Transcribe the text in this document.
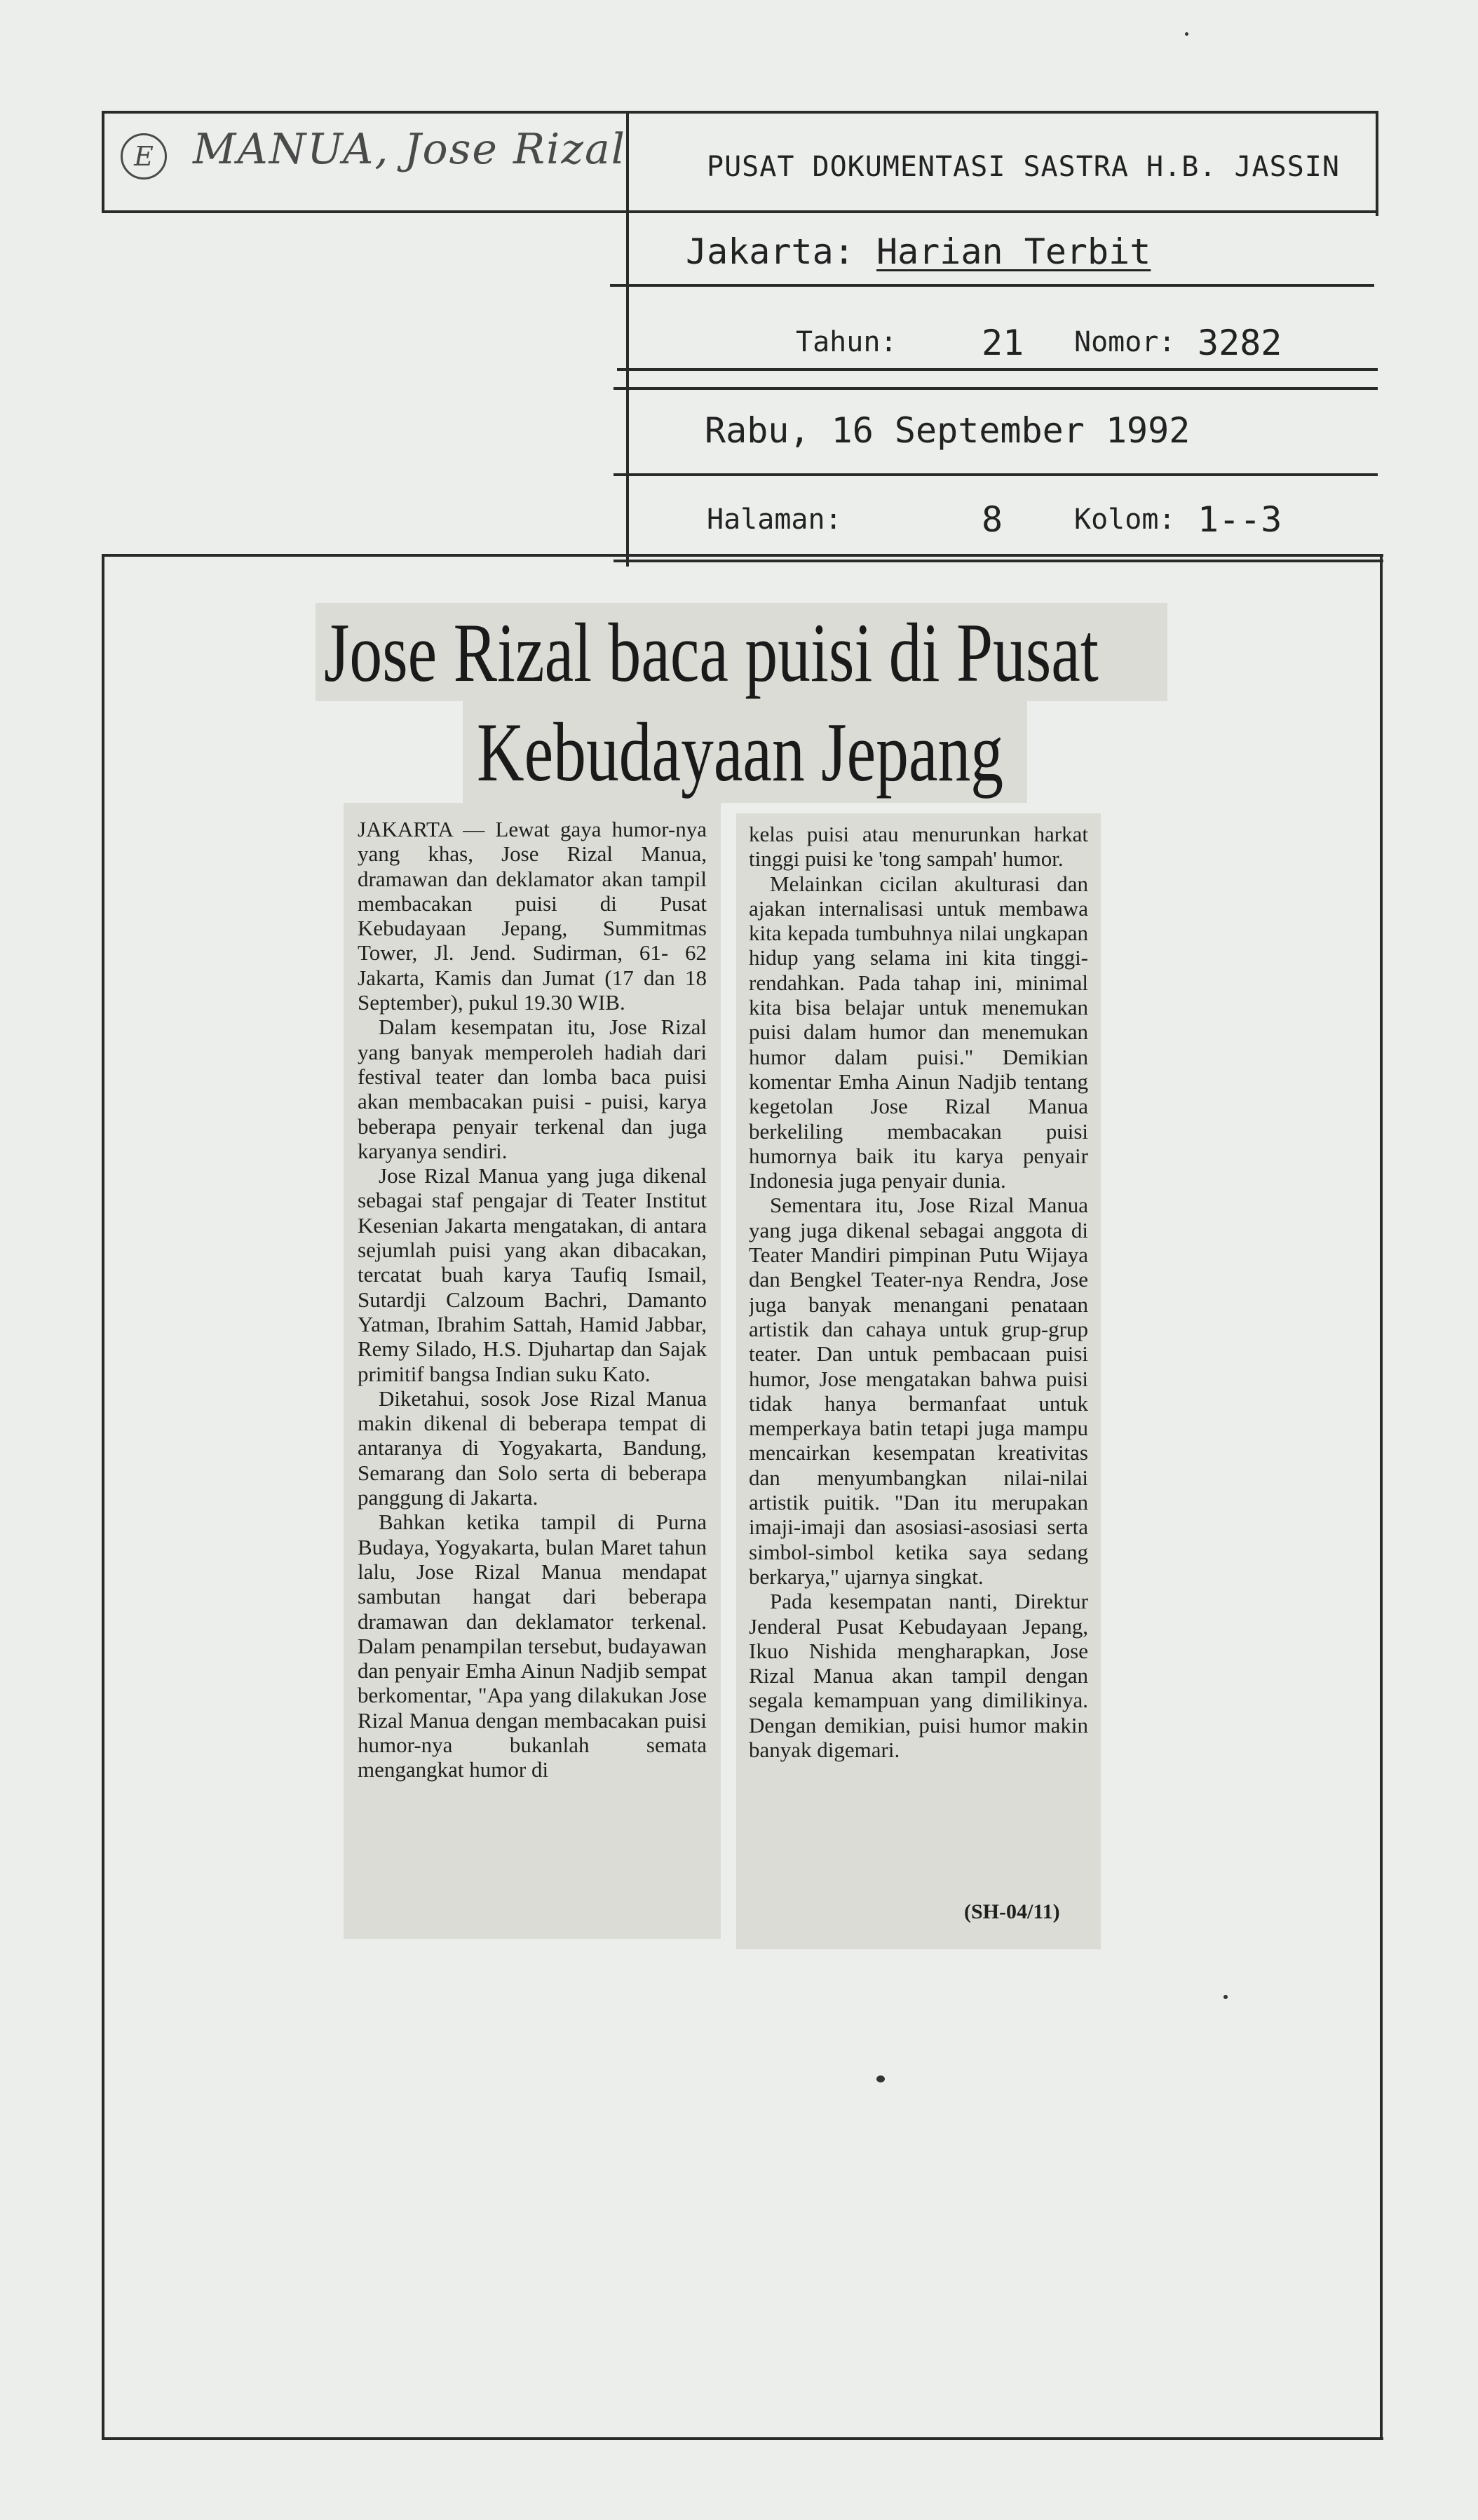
E MANUA, Jose Rizal	PUSAT DOKUMENTASI SASTRA H.B. JASSIN
Jakarta: Harian Terbit
Tahun: 21 Nomor: 3282
Rabu, 16 September 1992
Halaman:	8	Kolom: 1--3
Jose Rizal baca puisi di Pusat
Kebudayaan Jepang

JAKARTA — Lewat gaya humor-nya yang khas, Jose Rizal Manua, dramawan dan deklamator akan tampil membacakan puisi di Pusat Kebudayaan Jepang, Summitmas Tower, Jl. Jend. Sudirman, 61- 62 Jakarta, Kamis dan Jumat (17 dan 18 September), pukul 19.30 WIB.

Dalam kesempatan itu, Jose Rizal yang banyak memperoleh hadiah dari festival teater dan lomba baca puisi akan membacakan puisi - puisi, karya beberapa penyair terkenal dan juga karyanya sendiri.

Jose Rizal Manua yang juga dikenal sebagai staf pengajar di Teater Institut Kesenian Jakarta mengatakan, di antara sejumlah puisi yang akan dibacakan, tercatat buah karya Taufiq Ismail, Sutardji Calzoum Bachri, Damanto Yatman, Ibrahim Sattah, Hamid Jabbar, Remy Silado, H.S. Djuhartap dan Sajak primitif bangsa Indian suku Kato.

Diketahui, sosok Jose Rizal Manua makin dikenal di beberapa tempat di antaranya di Yogyakarta, Bandung, Semarang dan Solo serta di beberapa panggung di Jakarta.

Bahkan ketika tampil di Purna Budaya, Yogyakarta, bulan Maret tahun lalu, Jose Rizal Manua mendapat sambutan hangat dari beberapa dramawan dan deklamator terkenal. Dalam penampilan tersebut, budayawan dan penyair Emha Ainun Nadjib sempat berkomentar, "Apa yang dilakukan Jose Rizal Manua dengan membacakan puisi humor-nya bukanlah semata mengangkat humor di

kelas puisi atau menurunkan harkat tinggi puisi ke 'tong sampah' humor.

Melainkan cicilan akulturasi dan ajakan internalisasi untuk membawa kita kepada tumbuhnya nilai ungkapan hidup yang selama ini kita tinggi-rendahkan. Pada tahap ini, minimal kita bisa belajar untuk menemukan puisi dalam humor dan menemukan humor dalam puisi." Demikian komentar Emha Ainun Nadjib tentang kegetolan Jose Rizal Manua berkeliling membacakan puisi humornya baik itu karya penyair Indonesia juga penyair dunia.

Sementara itu, Jose Rizal Manua yang juga dikenal sebagai anggota di Teater Mandiri pimpinan Putu Wijaya dan Bengkel Teater-nya Rendra, Jose juga banyak menangani penataan artistik dan cahaya untuk grup-grup teater. Dan untuk pembacaan puisi humor, Jose mengatakan bahwa puisi tidak hanya bermanfaat untuk memperkaya batin tetapi juga mampu mencairkan kesempatan kreativitas dan menyumbangkan nilai-nilai artistik puitik. "Dan itu merupakan imaji-imaji dan asosiasi-asosiasi serta simbol-simbol ketika saya sedang berkarya," ujarnya singkat.

Pada kesempatan nanti, Direktur Jenderal Pusat Kebudayaan Jepang, Ikuo Nishida mengharapkan, Jose Rizal Manua akan tampil dengan segala kemampuan yang dimilikinya. Dengan demikian, puisi humor makin banyak digemari.

(SH-04/11)
